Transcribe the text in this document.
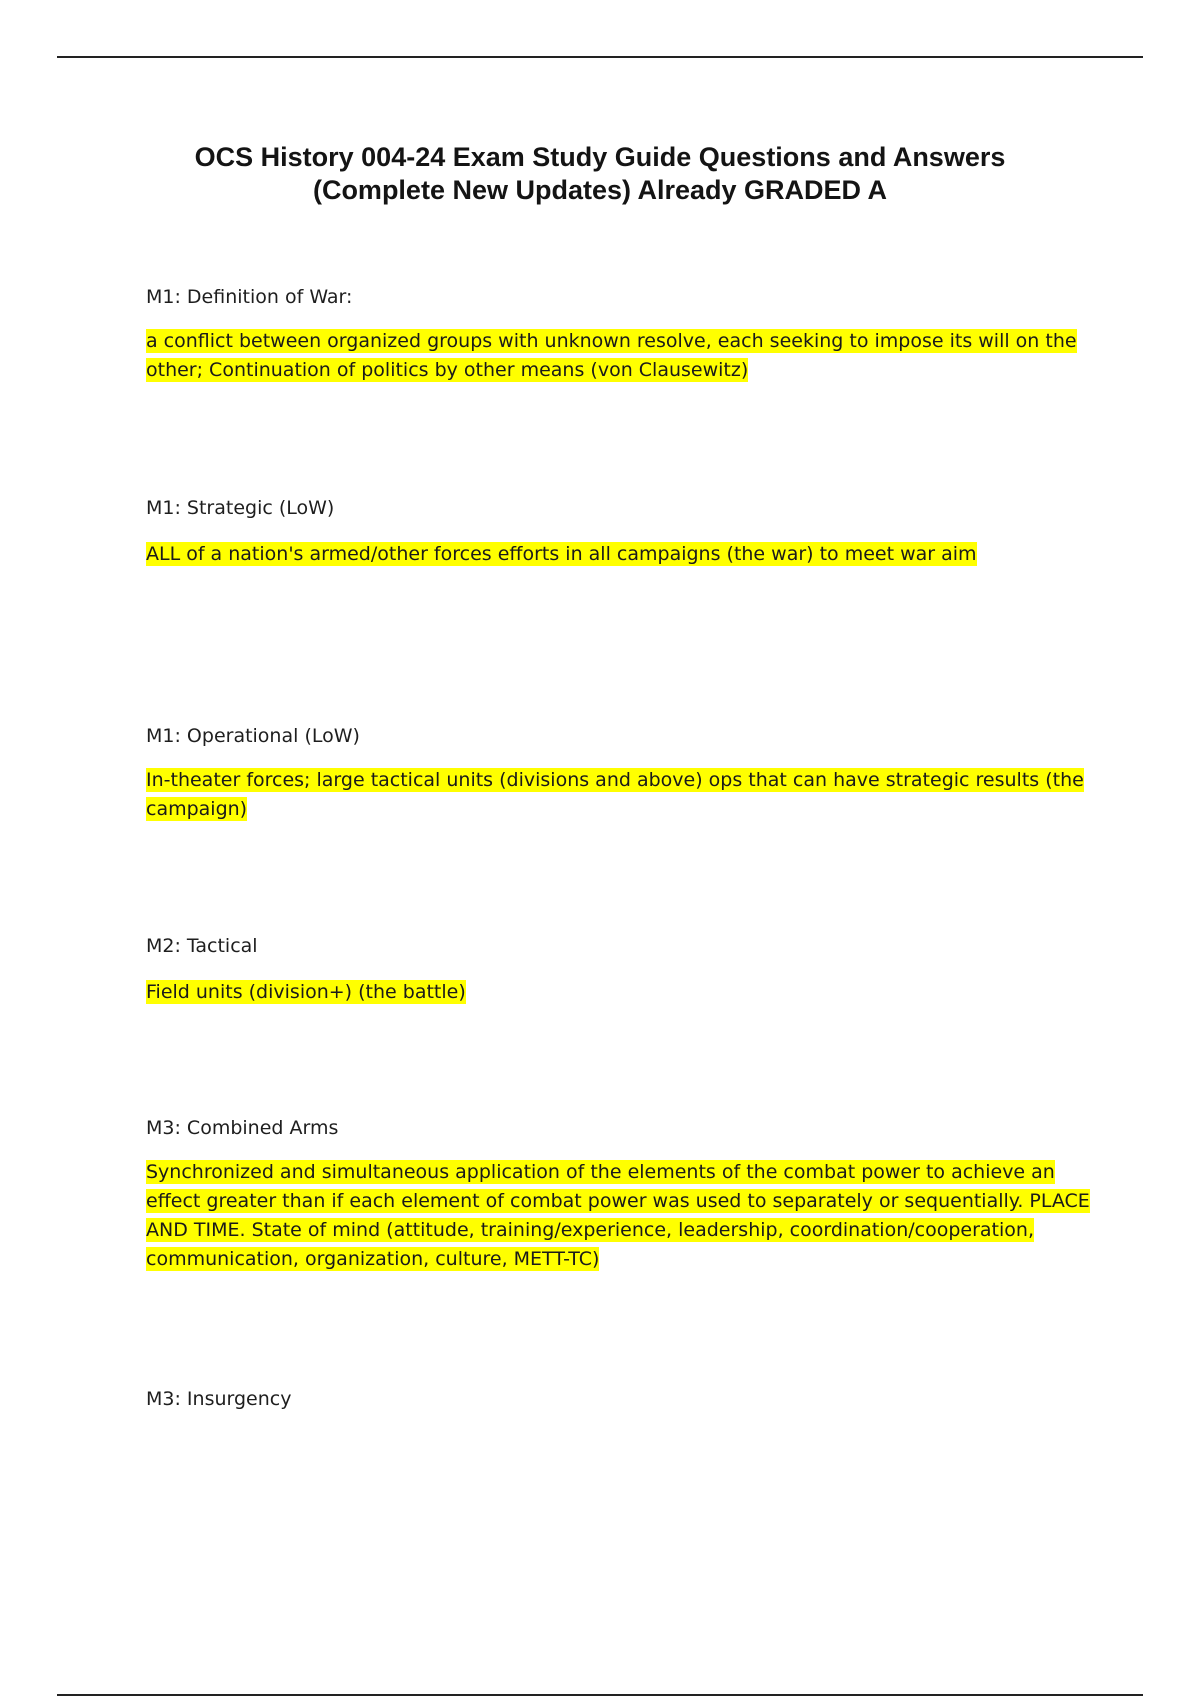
OCS History 004-24 Exam Study Guide Questions and Answers
(Complete New Updates) Already GRADED A
M1: Definition of War:
a conflict between organized groups with unknown resolve, each seeking to impose its will on the other; Continuation of politics by other means (von Clausewitz)
M1: Strategic (LoW)
ALL of a nation's armed/other forces efforts in all campaigns (the war) to meet war aim
M1: Operational (LoW)
In-theater forces; large tactical units (divisions and above) ops that can have strategic results (the campaign)
M2: Tactical
Field units (division+) (the battle)
M3: Combined Arms
Synchronized and simultaneous application of the elements of the combat power to achieve an effect greater than if each element of combat power was used to separately or sequentially. PLACE AND TIME. State of mind (attitude, training/experience, leadership, coordination/cooperation, communication, organization, culture, METT-TC)
M3: Insurgency
